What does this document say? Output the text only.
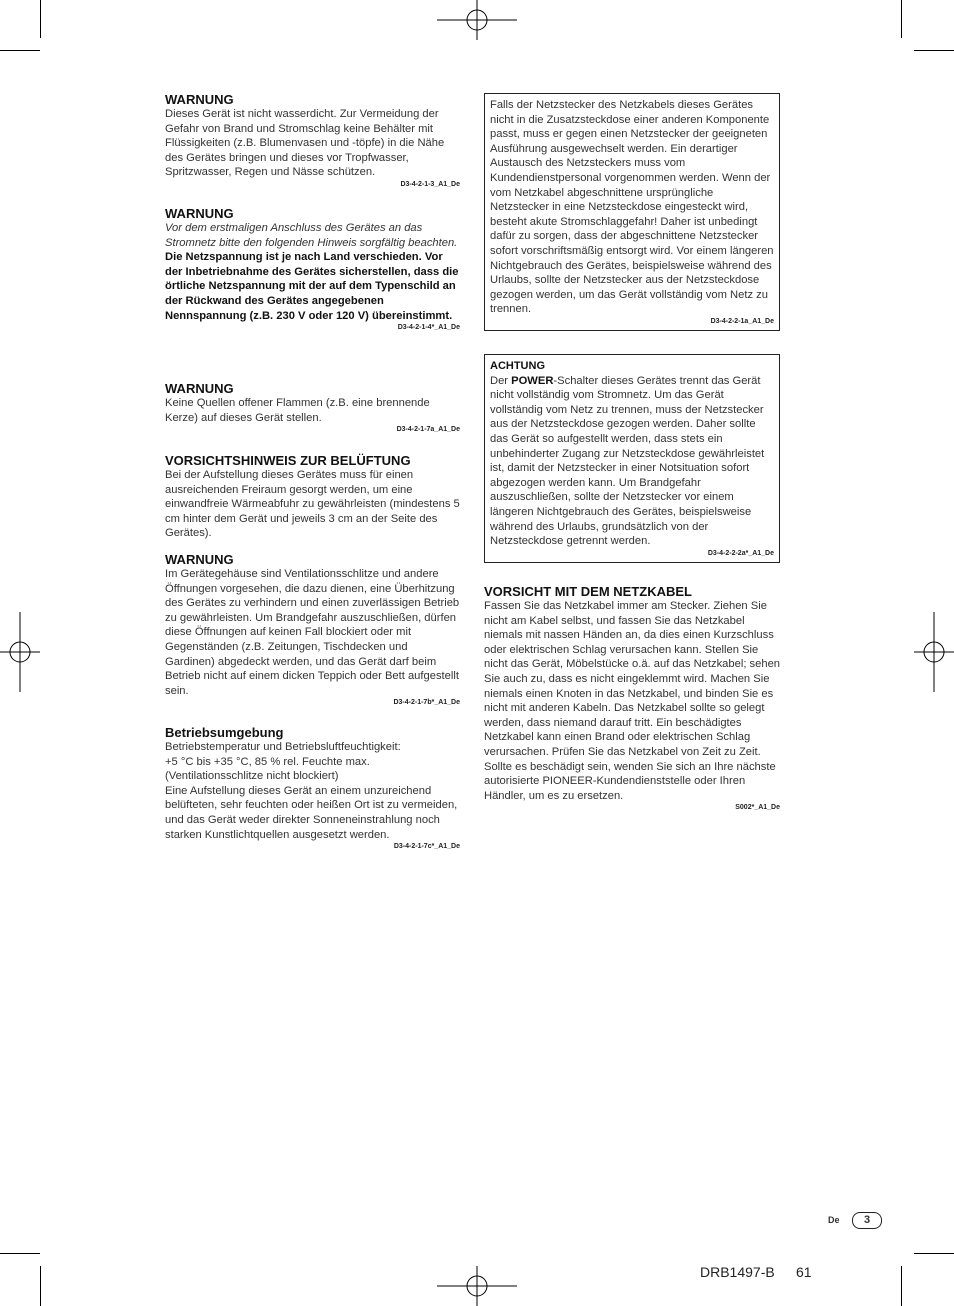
WARNUNG

Dieses Gerät ist nicht wasserdicht. Zur Vermeidung der Gefahr von Brand und Stromschlag keine Behälter mit Flüssigkeiten (z.B. Blumenvasen und -töpfe) in die Nähe des Gerätes bringen und dieses vor Tropfwasser, Spritzwasser, Regen und Nässe schützen.

D3-4-2-1-3_A1_De

WARNUNG

Vor dem erstmaligen Anschluss des Gerätes an das Stromnetz bitte den folgenden Hinweis sorgfältig beachten.

Die Netzspannung ist je nach Land verschieden. Vor der Inbetriebnahme des Gerätes sicherstellen, dass die örtliche Netzspannung mit der auf dem Typenschild an der Rückwand des Gerätes angegebenen Nennspannung (z.B. 230 V oder 120 V) übereinstimmt.

D3-4-2-1-4*_A1_De

WARNUNG

Keine Quellen offener Flammen (z.B. eine brennende Kerze) auf dieses Gerät stellen.

D3-4-2-1-7a_A1_De

VORSICHTSHINWEIS ZUR BELÜFTUNG

Bei der Aufstellung dieses Gerätes muss für einen ausreichenden Freiraum gesorgt werden, um eine einwandfreie Wärmeabfuhr zu gewährleisten (mindestens 5 cm hinter dem Gerät und jeweils 3 cm an der Seite des Gerätes).

WARNUNG

Im Gerätegehäuse sind Ventilationsschlitze und andere Öffnungen vorgesehen, die dazu dienen, eine Überhitzung des Gerätes zu verhindern und einen zuverlässigen Betrieb zu gewährleisten. Um Brandgefahr auszuschließen, dürfen diese Öffnungen auf keinen Fall blockiert oder mit Gegenständen (z.B. Zeitungen, Tischdecken und Gardinen) abgedeckt werden, und das Gerät darf beim Betrieb nicht auf einem dicken Teppich oder Bett aufgestellt sein.

D3-4-2-1-7b*_A1_De

Betriebsumgebung

Betriebstemperatur und Betriebsluftfeuchtigkeit:

+5 °C bis +35 °C, 85 % rel. Feuchte max.

(Ventilationsschlitze nicht blockiert)

Eine Aufstellung dieses Gerät an einem unzureichend belüfteten, sehr feuchten oder heißen Ort ist zu vermeiden, und das Gerät weder direkter Sonneneinstrahlung noch starken Kunstlichtquellen ausgesetzt werden.

D3-4-2-1-7c*_A1_De

Falls der Netzstecker des Netzkabels dieses Gerätes nicht in die Zusatzsteckdose einer anderen Komponente passt, muss er gegen einen Netzstecker der geeigneten Ausführung ausgewechselt werden. Ein derartiger Austausch des Netzsteckers muss vom Kundendienstpersonal vorgenommen werden. Wenn der vom Netzkabel abgeschnittene ursprüngliche Netzstecker in eine Netzsteckdose eingesteckt wird, besteht akute Stromschlaggefahr! Daher ist unbedingt dafür zu sorgen, dass der abgeschnittene Netzstecker sofort vorschriftsmäßig entsorgt wird. Vor einem längeren Nichtgebrauch des Gerätes, beispielsweise während des Urlaubs, sollte der Netzstecker aus der Netzsteckdose gezogen werden, um das Gerät vollständig vom Netz zu trennen.

D3-4-2-2-1a_A1_De

ACHTUNG

Der POWER-Schalter dieses Gerätes trennt das Gerät nicht vollständig vom Stromnetz. Um das Gerät vollständig vom Netz zu trennen, muss der Netzstecker aus der Netzsteckdose gezogen werden. Daher sollte das Gerät so aufgestellt werden, dass stets ein unbehinderter Zugang zur Netzsteckdose gewährleistet ist, damit der Netzstecker in einer Notsituation sofort abgezogen werden kann. Um Brandgefahr auszuschließen, sollte der Netzstecker vor einem längeren Nichtgebrauch des Gerätes, beispielsweise während des Urlaubs, grundsätzlich von der Netzsteckdose getrennt werden.

D3-4-2-2-2a*_A1_De

VORSICHT MIT DEM NETZKABEL

Fassen Sie das Netzkabel immer am Stecker. Ziehen Sie nicht am Kabel selbst, und fassen Sie das Netzkabel niemals mit nassen Händen an, da dies einen Kurzschluss oder elektrischen Schlag verursachen kann. Stellen Sie nicht das Gerät, Möbelstücke o.ä. auf das Netzkabel; sehen Sie auch zu, dass es nicht eingeklemmt wird. Machen Sie niemals einen Knoten in das Netzkabel, und binden Sie es nicht mit anderen Kabeln. Das Netzkabel sollte so gelegt werden, dass niemand darauf tritt. Ein beschädigtes Netzkabel kann einen Brand oder elektrischen Schlag verursachen. Prüfen Sie das Netzkabel von Zeit zu Zeit. Sollte es beschädigt sein, wenden Sie sich an Ihre nächste autorisierte PIONEER-Kundendienststelle oder Ihren Händler, um es zu ersetzen.

S002*_A1_De

De	3
DRB1497-B 61
